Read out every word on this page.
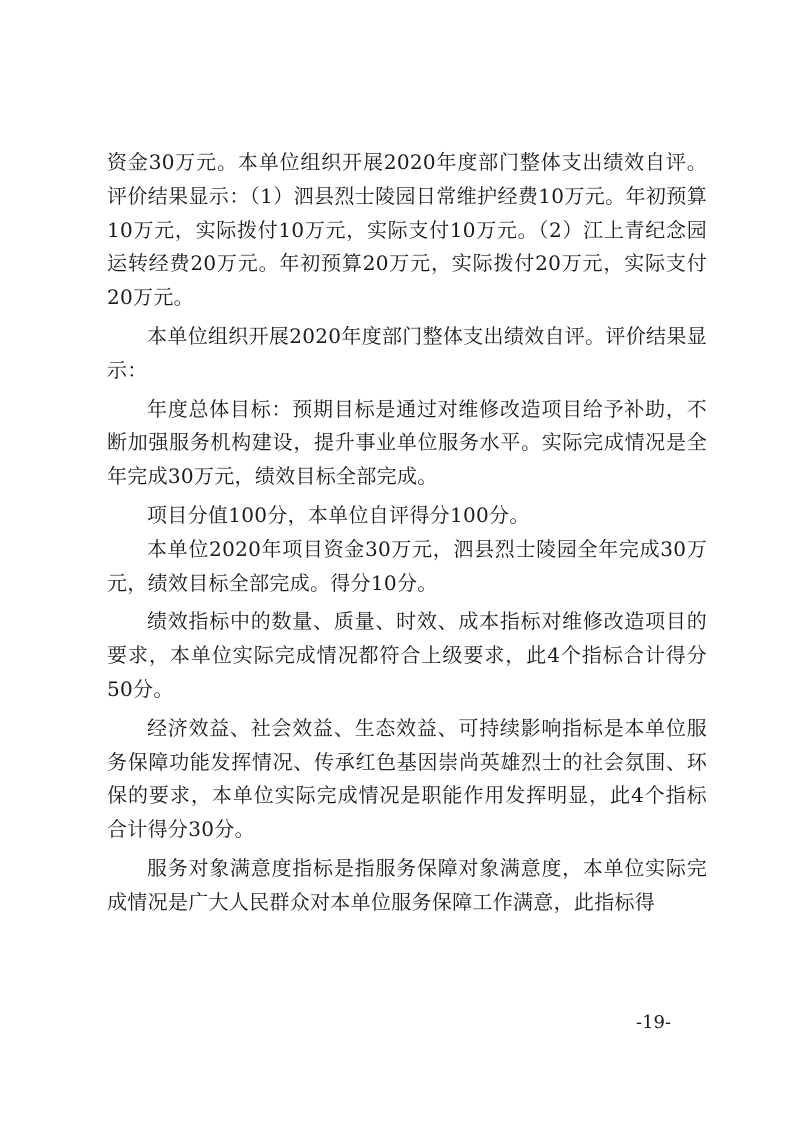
资金30万元。本单位组织开展2020年度部门整体支出绩效自评。评价结果显示：（1）泗县烈士陵园日常维护经费10万元。年初预算10万元，实际拨付10万元，实际支付10万元。（2）江上青纪念园运转经费20万元。年初预算20万元，实际拨付20万元，实际支付20万元。

本单位组织开展2020年度部门整体支出绩效自评。评价结果显示：

年度总体目标：预期目标是通过对维修改造项目给予补助，不断加强服务机构建设，提升事业单位服务水平。实际完成情况是全年完成30万元，绩效目标全部完成。

项目分值100分，本单位自评得分100分。

本单位2020年项目资金30万元，泗县烈士陵园全年完成30万元，绩效目标全部完成。得分10分。

绩效指标中的数量、质量、时效、成本指标对维修改造项目的要求，本单位实际完成情况都符合上级要求，此4个指标合计得分50分。

经济效益、社会效益、生态效益、可持续影响指标是本单位服务保障功能发挥情况、传承红色基因崇尚英雄烈士的社会氛围、环保的要求，本单位实际完成情况是职能作用发挥明显，此4个指标合计得分30分。

服务对象满意度指标是指服务保障对象满意度，本单位实际完成情况是广大人民群众对本单位服务保障工作满意，此指标得

-19-
